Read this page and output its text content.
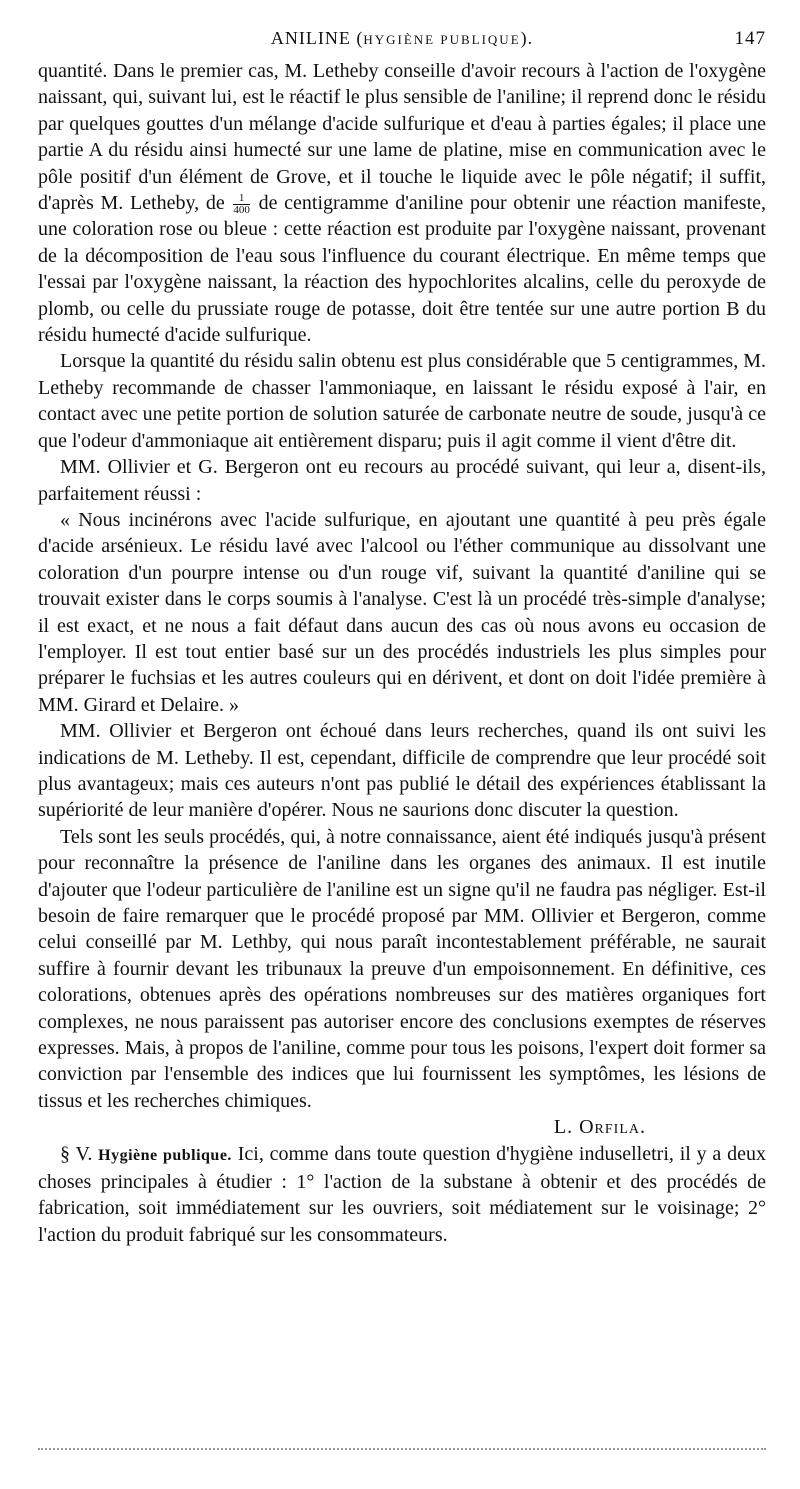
ANILINE (HYGIÈNE PUBLIQUE).	147

quantité. Dans le premier cas, M. Letheby conseille d'avoir recours à l'action de l'oxygène naissant, qui, suivant lui, est le réactif le plus sensible de l'aniline; il reprend donc le résidu par quelques gouttes d'un mélange d'acide sulfurique et d'eau à parties égales; il place une partie A du résidu ainsi humecté sur une lame de platine, mise en communication avec le pôle positif d'un élément de Grove, et il touche le liquide avec le pôle négatif; il suffit, d'après M. Letheby, de $\frac{1}{400}$ de centigramme d'aniline pour obtenir une réaction manifeste, une coloration rose ou bleue : cette réaction est produite par l'oxygène naissant, provenant de la décomposition de l'eau sous l'influence du courant électrique. En même temps que l'essai par l'oxygène naissant, la réaction des hypochlorites alcalins, celle du peroxyde de plomb, ou celle du prussiate rouge de potasse, doit être tentée sur une autre portion B du résidu humecté d'acide sulfurique.

Lorsque la quantité du résidu salin obtenu est plus considérable que 5 centigrammes, M. Letheby recommande de chasser l'ammoniaque, en laissant le résidu exposé à l'air, en contact avec une petite portion de solution saturée de carbonate neutre de soude, jusqu'à ce que l'odeur d'ammoniaque ait entièrement disparu; puis il agit comme il vient d'être dit.

MM. Ollivier et G. Bergeron ont eu recours au procédé suivant, qui leur a, disent-ils, parfaitement réussi :

« Nous incinérons avec l'acide sulfurique, en ajoutant une quantité à peu près égale d'acide arsénieux. Le résidu lavé avec l'alcool ou l'éther communique au dissolvant une coloration d'un pourpre intense ou d'un rouge vif, suivant la quantité d'aniline qui se trouvait exister dans le corps soumis à l'analyse. C'est là un procédé très-simple d'analyse; il est exact, et ne nous a fait défaut dans aucun des cas où nous avons eu occasion de l'employer. Il est tout entier basé sur un des procédés industriels les plus simples pour préparer le fuchsias et les autres couleurs qui en dérivent, et dont on doit l'idée première à MM. Girard et Delaire. »

MM. Ollivier et Bergeron ont échoué dans leurs recherches, quand ils ont suivi les indications de M. Letheby. Il est, cependant, difficile de comprendre que leur procédé soit plus avantageux; mais ces auteurs n'ont pas publié le détail des expériences établissant la supériorité de leur manière d'opérer. Nous ne saurions donc discuter la question.

Tels sont les seuls procédés, qui, à notre connaissance, aient été indiqués jusqu'à présent pour reconnaître la présence de l'aniline dans les organes des animaux. Il est inutile d'ajouter que l'odeur particulière de l'aniline est un signe qu'il ne faudra pas négliger. Est-il besoin de faire remarquer que le procédé proposé par MM. Ollivier et Bergeron, comme celui conseillé par M. Lethby, qui nous paraît incontestablement préférable, ne saurait suffire à fournir devant les tribunaux la preuve d'un empoisonnement. En définitive, ces colorations, obtenues après des opérations nombreuses sur des matières organiques fort complexes, ne nous paraissent pas autoriser encore des conclusions exemptes de réserves expresses. Mais, à propos de l'aniline, comme pour tous les poisons, l'expert doit former sa conviction par l'ensemble des indices que lui fournissent les symptômes, les lésions de tissus et les recherches chimiques.

L. Orfila.

§ V. Hygiène publique. Ici, comme dans toute question d'hygiène induselletri, il y a deux choses principales à étudier : 1° l'action de la substane à obtenir et des procédés de fabrication, soit immédiatement sur les ouvriers, soit médiatement sur le voisinage; 2° l'action du produit fabriqué sur les consommateurs.
